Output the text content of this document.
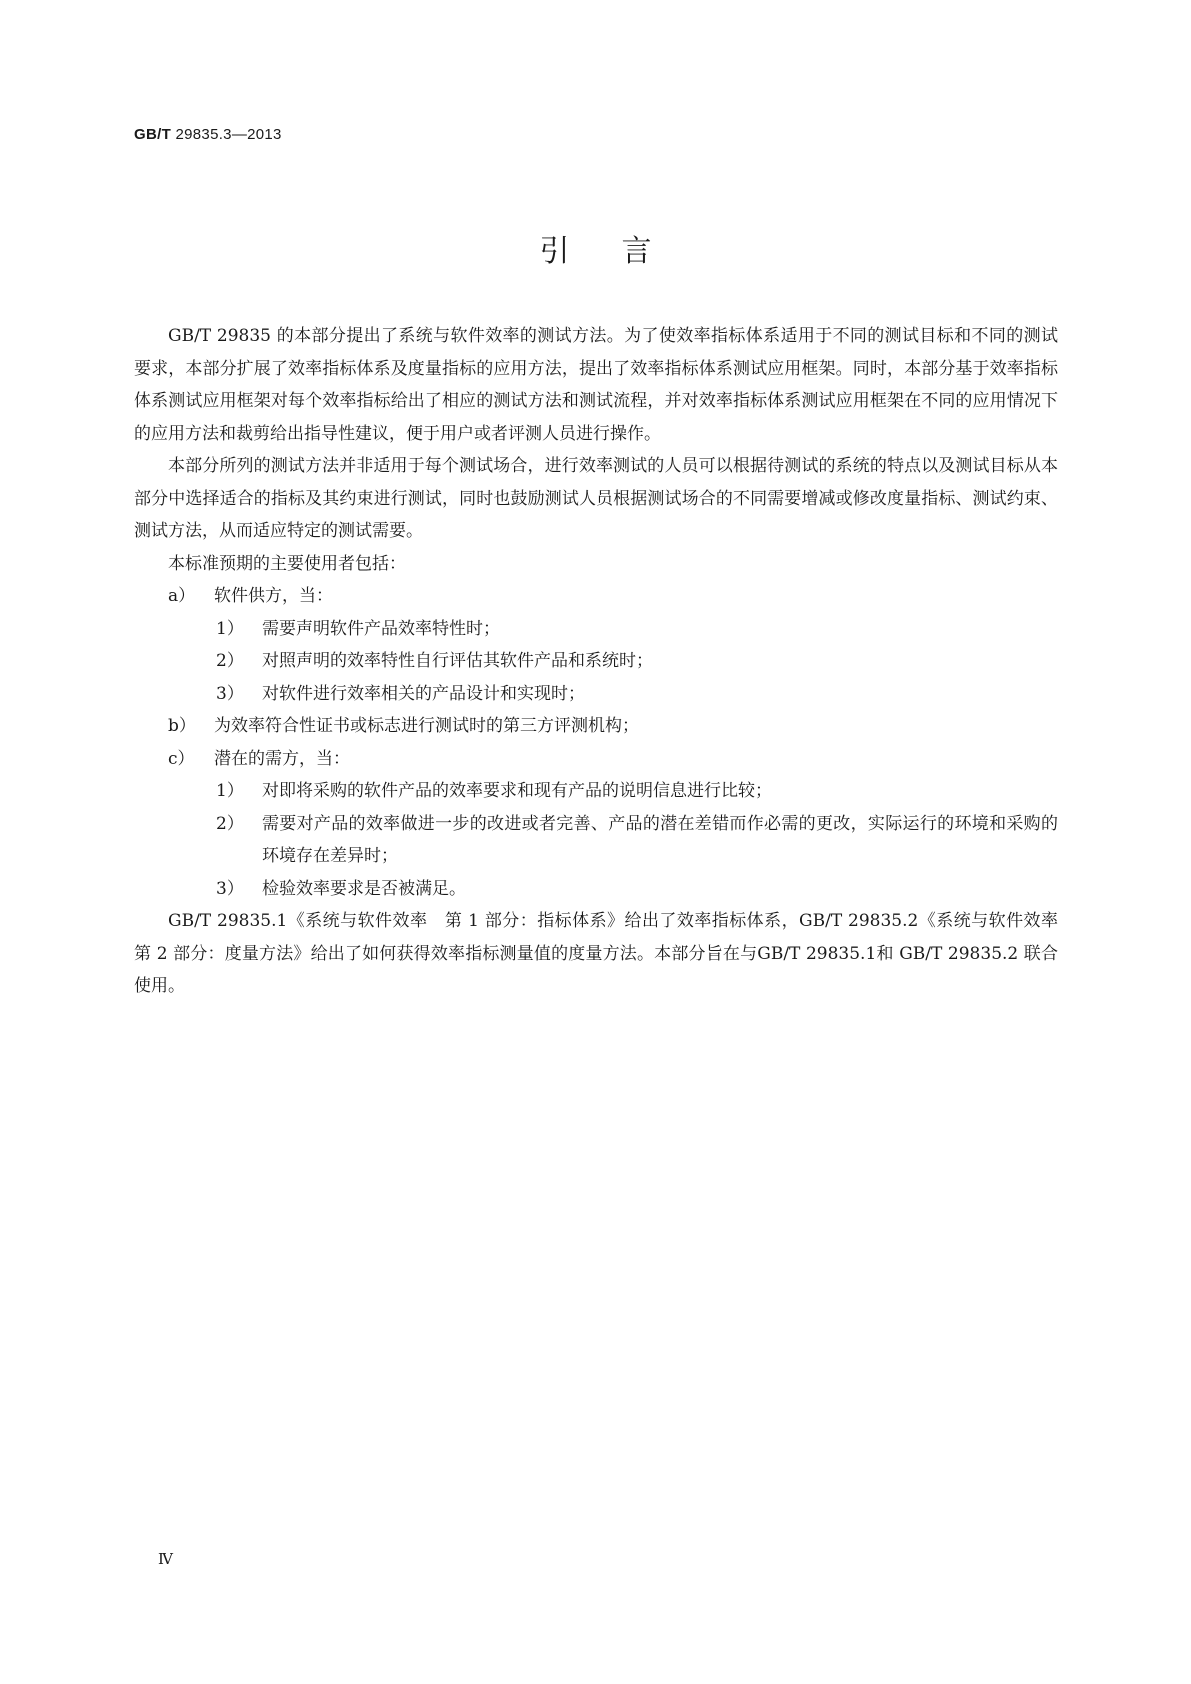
GB/T 29835.3—2013
引言

GB/T 29835 的本部分提出了系统与软件效率的测试方法。为了使效率指标体系适用于不同的测试目标和不同的测试要求，本部分扩展了效率指标体系及度量指标的应用方法，提出了效率指标体系测试应用框架。同时，本部分基于效率指标体系测试应用框架对每个效率指标给出了相应的测试方法和测试流程，并对效率指标体系测试应用框架在不同的应用情况下的应用方法和裁剪给出指导性建议，便于用户或者评测人员进行操作。

本部分所列的测试方法并非适用于每个测试场合，进行效率测试的人员可以根据待测试的系统的特点以及测试目标从本部分中选择适合的指标及其约束进行测试，同时也鼓励测试人员根据测试场合的不同需要增减或修改度量指标、测试约束、测试方法，从而适应特定的测试需要。

本标准预期的主要使用者包括：

a）	软件供方，当：
1）	需要声明软件产品效率特性时；
2）	对照声明的效率特性自行评估其软件产品和系统时；
3）	对软件进行效率相关的产品设计和实现时；
b）	为效率符合性证书或标志进行测试时的第三方评测机构；
c）	潜在的需方，当：
1）	对即将采购的软件产品的效率要求和现有产品的说明信息进行比较；
2）	需要对产品的效率做进一步的改进或者完善、产品的潜在差错而作必需的更改，实际运行的环境和采购的环境存在差异时；
3）	检验效率要求是否被满足。

GB/T 29835.1《系统与软件效率　第 1 部分：指标体系》给出了效率指标体系，GB/T 29835.2《系统与软件效率　第 2 部分：度量方法》给出了如何获得效率指标测量值的度量方法。本部分旨在与GB/T 29835.1和 GB/T 29835.2 联合使用。

Ⅳ
